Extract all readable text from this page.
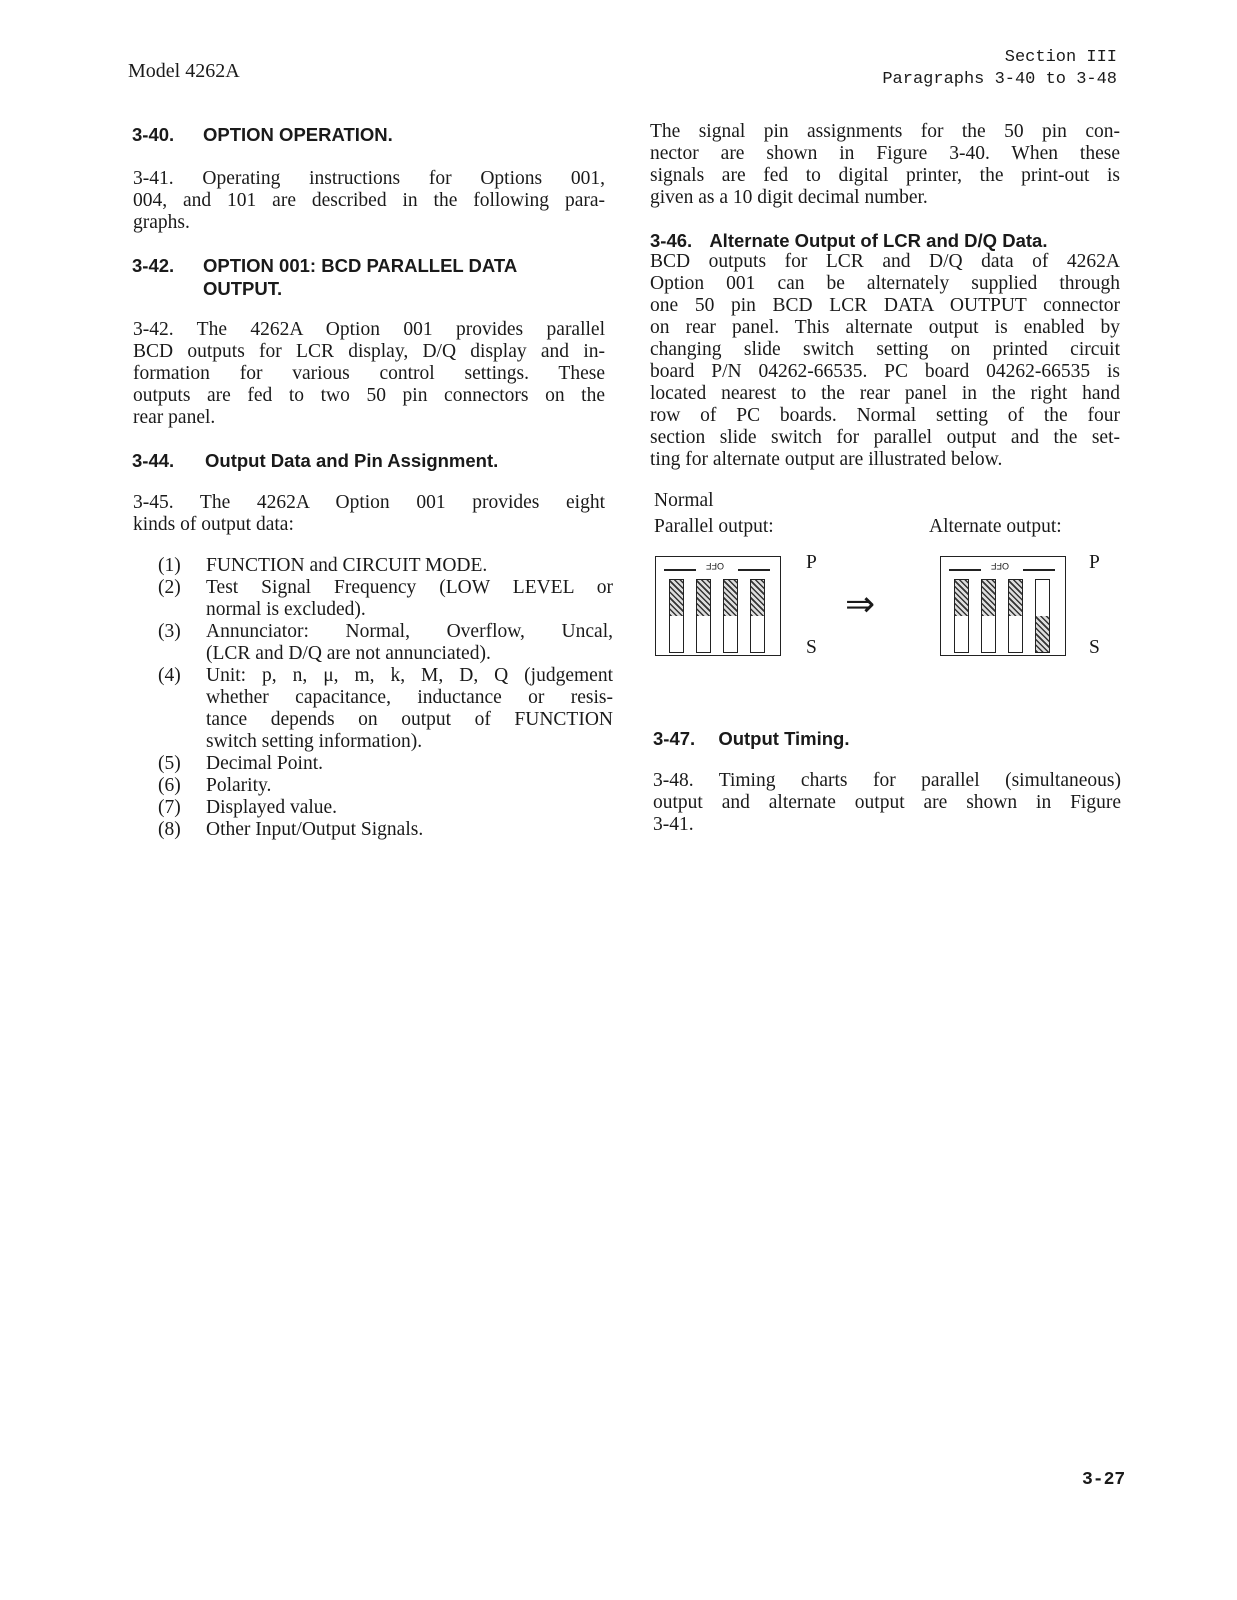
Model 4262A
Section III
Paragraphs 3-40 to 3-48
3-40. OPTION OPERATION.
3-41. Operating instructions for Options 001,
004, and 101 are described in the following para-
graphs.
3-42. OPTION 001: BCD PARALLEL DATA
OUTPUT.
3-42. The 4262A Option 001 provides parallel
BCD outputs for LCR display, D/Q display and in-
formation for various control settings. These
outputs are fed to two 50 pin connectors on the
rear panel.
3-44. Output Data and Pin Assignment.
3-45. The 4262A Option 001 provides eight
kinds of output data:
(1) FUNCTION and CIRCUIT MODE.
(2) Test Signal Frequency (LOW LEVEL or
normal is excluded).
(3) Annunciator: Normal, Overflow, Uncal,
(LCR and D/Q are not annunciated).
(4) Unit: p, n, μ, m, k, M, D, Q (judgement
whether capacitance, inductance or resis-
tance depends on output of FUNCTION
switch setting information).
(5) Decimal Point.
(6) Polarity.
(7) Displayed value.
(8) Other Input/Output Signals.
The signal pin assignments for the 50 pin con-
nector are shown in Figure 3-40. When these
signals are fed to digital printer, the print-out is
given as a 10 digit decimal number.
3-46. Alternate Output of LCR and D/Q Data.
BCD outputs for LCR and D/Q data of 4262A
Option 001 can be alternately supplied through
one 50 pin BCD LCR DATA OUTPUT connector
on rear panel. This alternate output is enabled by
changing slide switch setting on printed circuit
board P/N 04262-66535. PC board 04262-66535 is
located nearest to the rear panel in the right hand
row of PC boards. Normal setting of the four
section slide switch for parallel output and the set-
ting for alternate output are illustrated below.
Normal
Parallel output:	Alternate output:
OFF	P
S
⇒
OFF	P
S
3-47. Output Timing.
3-48. Timing charts for parallel (simultaneous)
output and alternate output are shown in Figure
3-41.
3-27
